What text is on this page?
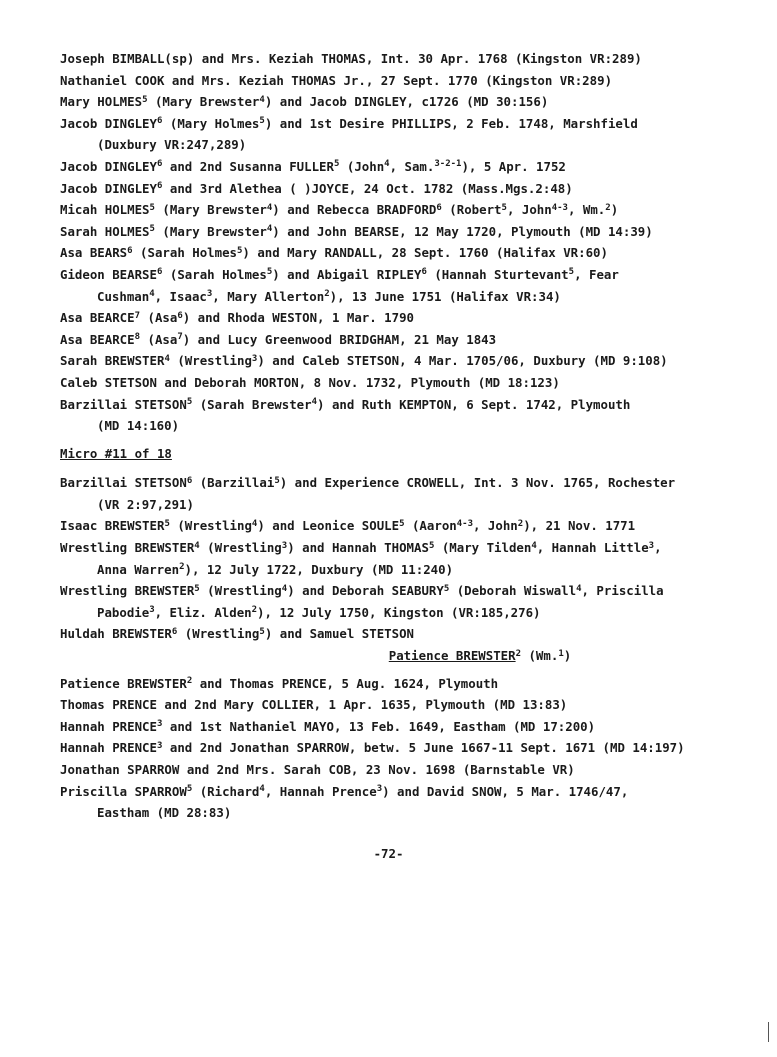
Joseph BIMBALL(sp) and Mrs. Keziah THOMAS, Int. 30 Apr. 1768 (Kingston VR:289)
Nathaniel COOK and Mrs. Keziah THOMAS Jr., 27 Sept. 1770 (Kingston VR:289)
Mary HOLMES$^5$ (Mary Brewster$^4$) and Jacob DINGLEY, c1726 (MD 30:156)
Jacob DINGLEY$^6$ (Mary Holmes$^5$) and 1st Desire PHILLIPS, 2 Feb. 1748, Marshfield
(Duxbury VR:247,289)
Jacob DINGLEY$^6$ and 2nd Susanna FULLER$^5$ (John$^4$, Sam.$^{3-2-1}$), 5 Apr. 1752
Jacob DINGLEY$^6$ and 3rd Alethea ( )JOYCE, 24 Oct. 1782 (Mass.Mgs.2:48)
Micah HOLMES$^5$ (Mary Brewster$^4$) and Rebecca BRADFORD$^6$ (Robert$^5$, John$^{4-3}$, Wm.$^2$)
Sarah HOLMES$^5$ (Mary Brewster$^4$) and John BEARSE, 12 May 1720, Plymouth (MD 14:39)
Asa BEARS$^6$ (Sarah Holmes$^5$) and Mary RANDALL, 28 Sept. 1760 (Halifax VR:60)
Gideon BEARSE$^6$ (Sarah Holmes$^5$) and Abigail RIPLEY$^6$ (Hannah Sturtevant$^5$, Fear
Cushman$^4$, Isaac$^3$, Mary Allerton$^2$), 13 June 1751 (Halifax VR:34)
Asa BEARCE$^7$ (Asa$^6$) and Rhoda WESTON, 1 Mar. 1790
Asa BEARCE$^8$ (Asa$^7$) and Lucy Greenwood BRIDGHAM, 21 May 1843
Sarah BREWSTER$^4$ (Wrestling$^3$) and Caleb STETSON, 4 Mar. 1705/06, Duxbury (MD 9:108)
Caleb STETSON and Deborah MORTON, 8 Nov. 1732, Plymouth (MD 18:123)
Barzillai STETSON$^5$ (Sarah Brewster$^4$) and Ruth KEMPTON, 6 Sept. 1742, Plymouth
(MD 14:160)
Micro #11 of 18
Barzillai STETSON$^6$ (Barzillai$^5$) and Experience CROWELL, Int. 3 Nov. 1765, Rochester
(VR 2:97,291)
Isaac BREWSTER$^5$ (Wrestling$^4$) and Leonice SOULE$^5$ (Aaron$^{4-3}$, John$^2$), 21 Nov. 1771
Wrestling BREWSTER$^4$ (Wrestling$^3$) and Hannah THOMAS$^5$ (Mary Tilden$^4$, Hannah Little$^3$,
Anna Warren$^2$), 12 July 1722, Duxbury (MD 11:240)
Wrestling BREWSTER$^5$ (Wrestling$^4$) and Deborah SEABURY$^5$ (Deborah Wiswall$^4$, Priscilla
Pabodie$^3$, Eliz. Alden$^2$), 12 July 1750, Kingston (VR:185,276)
Huldah BREWSTER$^6$ (Wrestling$^5$) and Samuel STETSON
Patience BREWSTER$^2$ (Wm.$^1$)
Patience BREWSTER$^2$ and Thomas PRENCE, 5 Aug. 1624, Plymouth
Thomas PRENCE and 2nd Mary COLLIER, 1 Apr. 1635, Plymouth (MD 13:83)
Hannah PRENCE$^3$ and 1st Nathaniel MAYO, 13 Feb. 1649, Eastham (MD 17:200)
Hannah PRENCE$^3$ and 2nd Jonathan SPARROW, betw. 5 June 1667-11 Sept. 1671 (MD 14:197)
Jonathan SPARROW and 2nd Mrs. Sarah COB, 23 Nov. 1698 (Barnstable VR)
Priscilla SPARROW$^5$ (Richard$^4$, Hannah Prence$^3$) and David SNOW, 5 Mar. 1746/47,
Eastham (MD 28:83)
-72-
